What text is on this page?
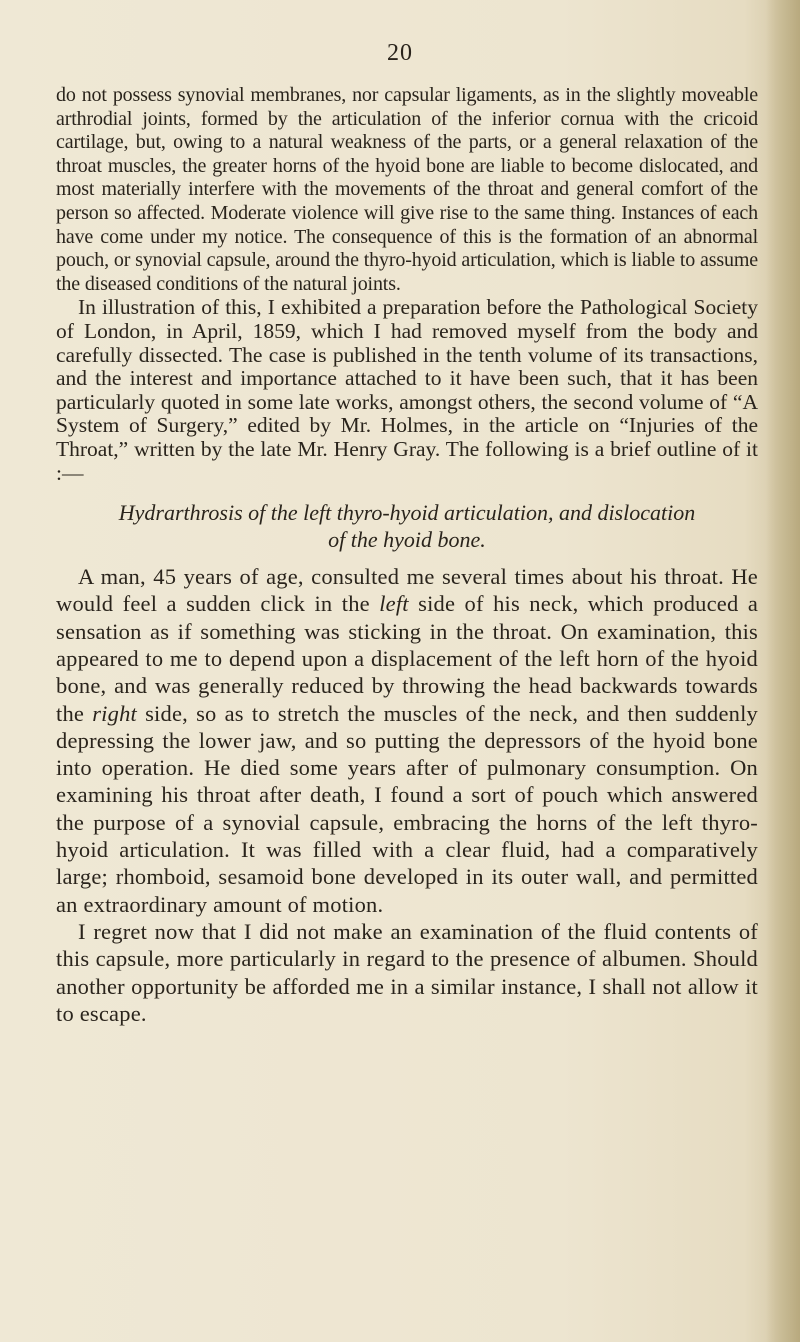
20

do not possess synovial membranes, nor capsular ligaments, as in the slightly moveable arthrodial joints, formed by the articulation of the inferior cornua with the cricoid cartilage, but, owing to a natural weakness of the parts, or a general relaxation of the throat muscles, the greater horns of the hyoid bone are liable to become dislocated, and most materially interfere with the movements of the throat and general comfort of the person so affected. Moderate violence will give rise to the same thing. Instances of each have come under my notice. The consequence of this is the formation of an abnormal pouch, or synovial capsule, around the thyro-hyoid articulation, which is liable to assume the diseased conditions of the natural joints.

In illustration of this, I exhibited a preparation before the Pathological Society of London, in April, 1859, which I had removed myself from the body and carefully dissected. The case is published in the tenth volume of its transactions, and the interest and importance attached to it have been such, that it has been particularly quoted in some late works, amongst others, the second volume of “A System of Surgery,” edited by Mr. Holmes, in the article on “Injuries of the Throat,” written by the late Mr. Henry Gray. The following is a brief outline of it :—

Hydrarthrosis of the left thyro-hyoid articulation, and dislocation
of the hyoid bone.

A man, 45 years of age, consulted me several times about his throat. He would feel a sudden click in the left side of his neck, which produced a sensation as if something was sticking in the throat. On examination, this appeared to me to depend upon a displacement of the left horn of the hyoid bone, and was generally reduced by throwing the head backwards towards the right side, so as to stretch the muscles of the neck, and then suddenly depressing the lower jaw, and so putting the depressors of the hyoid bone into operation. He died some years after of pulmonary consumption. On examining his throat after death, I found a sort of pouch which answered the purpose of a synovial capsule, embracing the horns of the left thyro-hyoid articulation. It was filled with a clear fluid, had a comparatively large; rhomboid, sesamoid bone developed in its outer wall, and permitted an extraordinary amount of motion.

I regret now that I did not make an examination of the fluid contents of this capsule, more particularly in regard to the presence of albumen. Should another opportunity be afforded me in a similar instance, I shall not allow it to escape.
